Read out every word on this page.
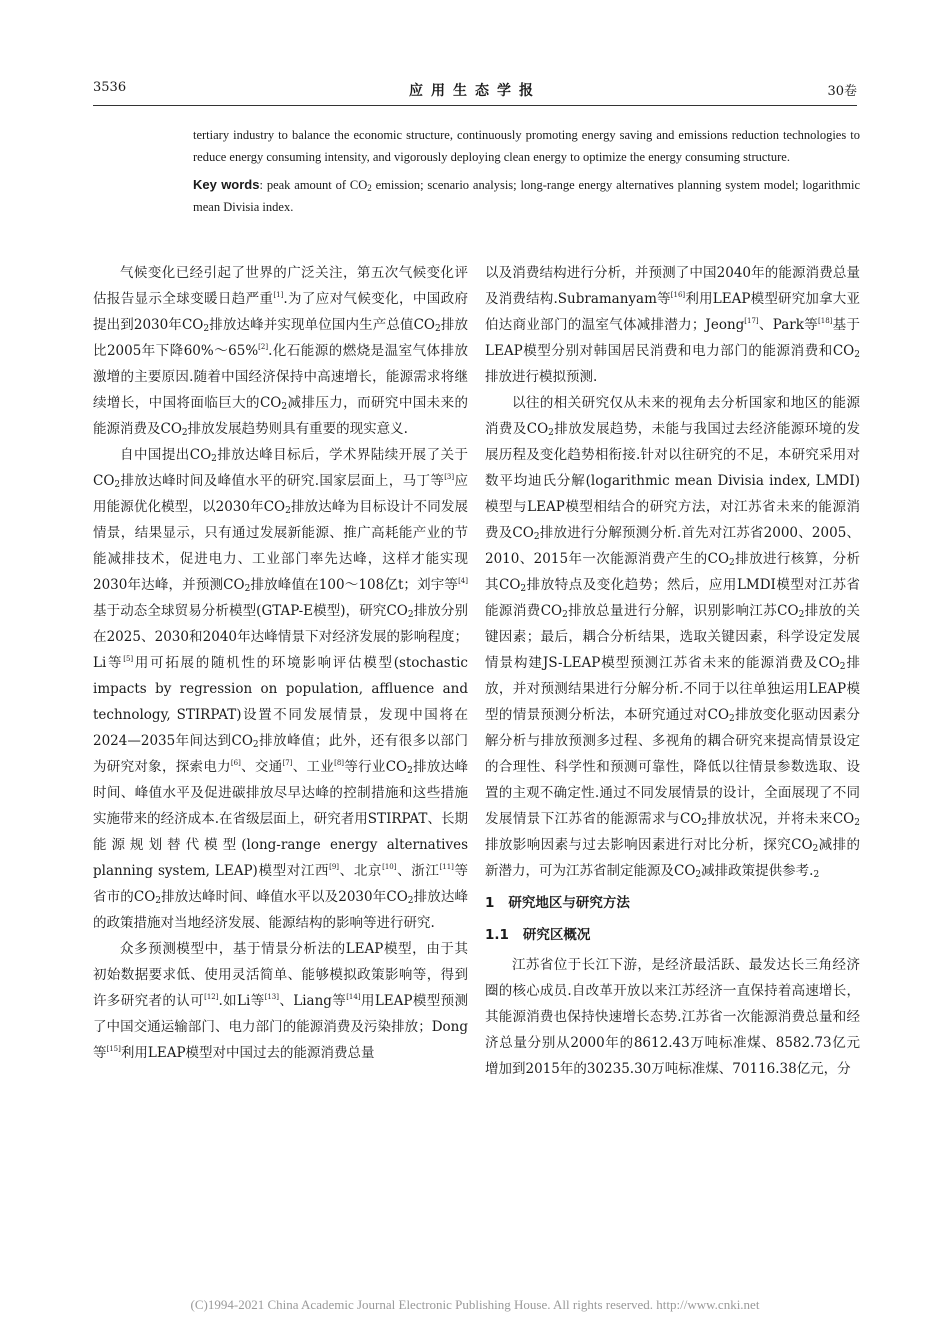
3536	应用生态学报	30卷

tertiary industry to balance the economic structure, continuously promoting energy saving and emissions reduction technologies to reduce energy consuming intensity, and vigorously deploying clean energy to optimize the energy consuming structure.

Key words: peak amount of $CO_2$ emission; scenario analysis; long-range energy alternatives planning system model; logarithmic mean Divisia index.

气候变化已经引起了世界的广泛关注，第五次气候变化评估报告显示全球变暖日趋严重[1].为了应对气候变化，中国政府提出到2030年$CO_2$排放达峰并实现单位国内生产总值$CO_2$排放比2005年下降60%～65%[2].化石能源的燃烧是温室气体排放激增的主要原因.随着中国经济保持中高速增长，能源需求将继续增长，中国将面临巨大的$CO_2$减排压力，而研究中国未来的能源消费及$CO_2$排放发展趋势则具有重要的现实意义.

自中国提出$CO_2$排放达峰目标后，学术界陆续开展了关于$CO_2$排放达峰时间及峰值水平的研究.国家层面上，马丁等[3]应用能源优化模型，以2030年$CO_2$排放达峰为目标设计不同发展情景，结果显示，只有通过发展新能源、推广高耗能产业的节能减排技术，促进电力、工业部门率先达峰，这样才能实现2030年达峰，并预测$CO_2$排放峰值在100～108亿t；刘宇等[4]基于动态全球贸易分析模型(GTAP-E模型)，研究$CO_2$排放分别在2025、2030和2040年达峰情景下对经济发展的影响程度；Li等[5]用可拓展的随机性的环境影响评估模型(stochastic impacts by regression on population, affluence and technology, STIRPAT)设置不同发展情景，发现中国将在2024—2035年间达到$CO_2$排放峰值；此外，还有很多以部门为研究对象，探索电力[6]、交通[7]、工业[8]等行业$CO_2$排放达峰时间、峰值水平及促进碳排放尽早达峰的控制措施和这些措施实施带来的经济成本.在省级层面上，研究者用STIRPAT、长期能源规划替代模型(long-range energy alternatives planning system, LEAP)模型对江西[9]、北京[10]、浙江[11]等省市的$CO_2$排放达峰时间、峰值水平以及2030年$CO_2$排放达峰的政策措施对当地经济发展、能源结构的影响等进行研究.

众多预测模型中，基于情景分析法的LEAP模型，由于其初始数据要求低、使用灵活简单、能够模拟政策影响等，得到许多研究者的认可[12].如Li等[13]、Liang等[14]用LEAP模型预测了中国交通运输部门、电力部门的能源消费及污染排放；Dong等[15]利用LEAP模型对中国过去的能源消费总量

以及消费结构进行分析，并预测了中国2040年的能源消费总量及消费结构.Subramanyam等[16]利用LEAP模型研究加拿大亚伯达商业部门的温室气体减排潜力；Jeong[17]、Park等[18]基于LEAP模型分别对韩国居民消费和电力部门的能源消费和$CO_2$排放进行模拟预测.

以往的相关研究仅从未来的视角去分析国家和地区的能源消费及$CO_2$排放发展趋势，未能与我国过去经济能源环境的发展历程及变化趋势相衔接.针对以往研究的不足，本研究采用对数平均迪氏分解(logarithmic mean Divisia index, LMDI)模型与LEAP模型相结合的研究方法，对江苏省未来的能源消费及$CO_2$排放进行分解预测分析.首先对江苏省2000、2005、2010、2015年一次能源消费产生的$CO_2$排放进行核算，分析其$CO_2$排放特点及变化趋势；然后，应用LMDI模型对江苏省能源消费$CO_2$排放总量进行分解，识别影响江苏$CO_2$排放的关键因素；最后，耦合分析结果，选取关键因素，科学设定发展情景构建JS-LEAP模型预测江苏省未来的能源消费及$CO_2$排放，并对预测结果进行分解分析.不同于以往单独运用LEAP模型的情景预测分析法，本研究通过对$CO_2$排放变化驱动因素分解分析与排放预测多过程、多视角的耦合研究来提高情景设定的合理性、科学性和预测可靠性，降低以往情景参数选取、设置的主观不确定性.通过不同发展情景的设计，全面展现了不同发展情景下江苏省的能源需求与$CO_2$排放状况，并将未来$CO_2$排放影响因素与过去影响因素进行对比分析，探究$CO_2$减排的新潜力，可为江苏省制定能源及$CO_2$减排政策提供参考$._2$

1 研究地区与研究方法

1.1 研究区概况

江苏省位于长江下游，是经济最活跃、最发达长三角经济圈的核心成员.自改革开放以来江苏经济一直保持着高速增长，其能源消费也保持快速增长态势.江苏省一次能源消费总量和经济总量分别从2000年的8612.43万吨标准煤、8582.73亿元增加到2015年的30235.30万吨标准煤、70116.38亿元，分

(C)1994-2021 China Academic Journal Electronic Publishing House. All rights reserved. http://www.cnki.net
